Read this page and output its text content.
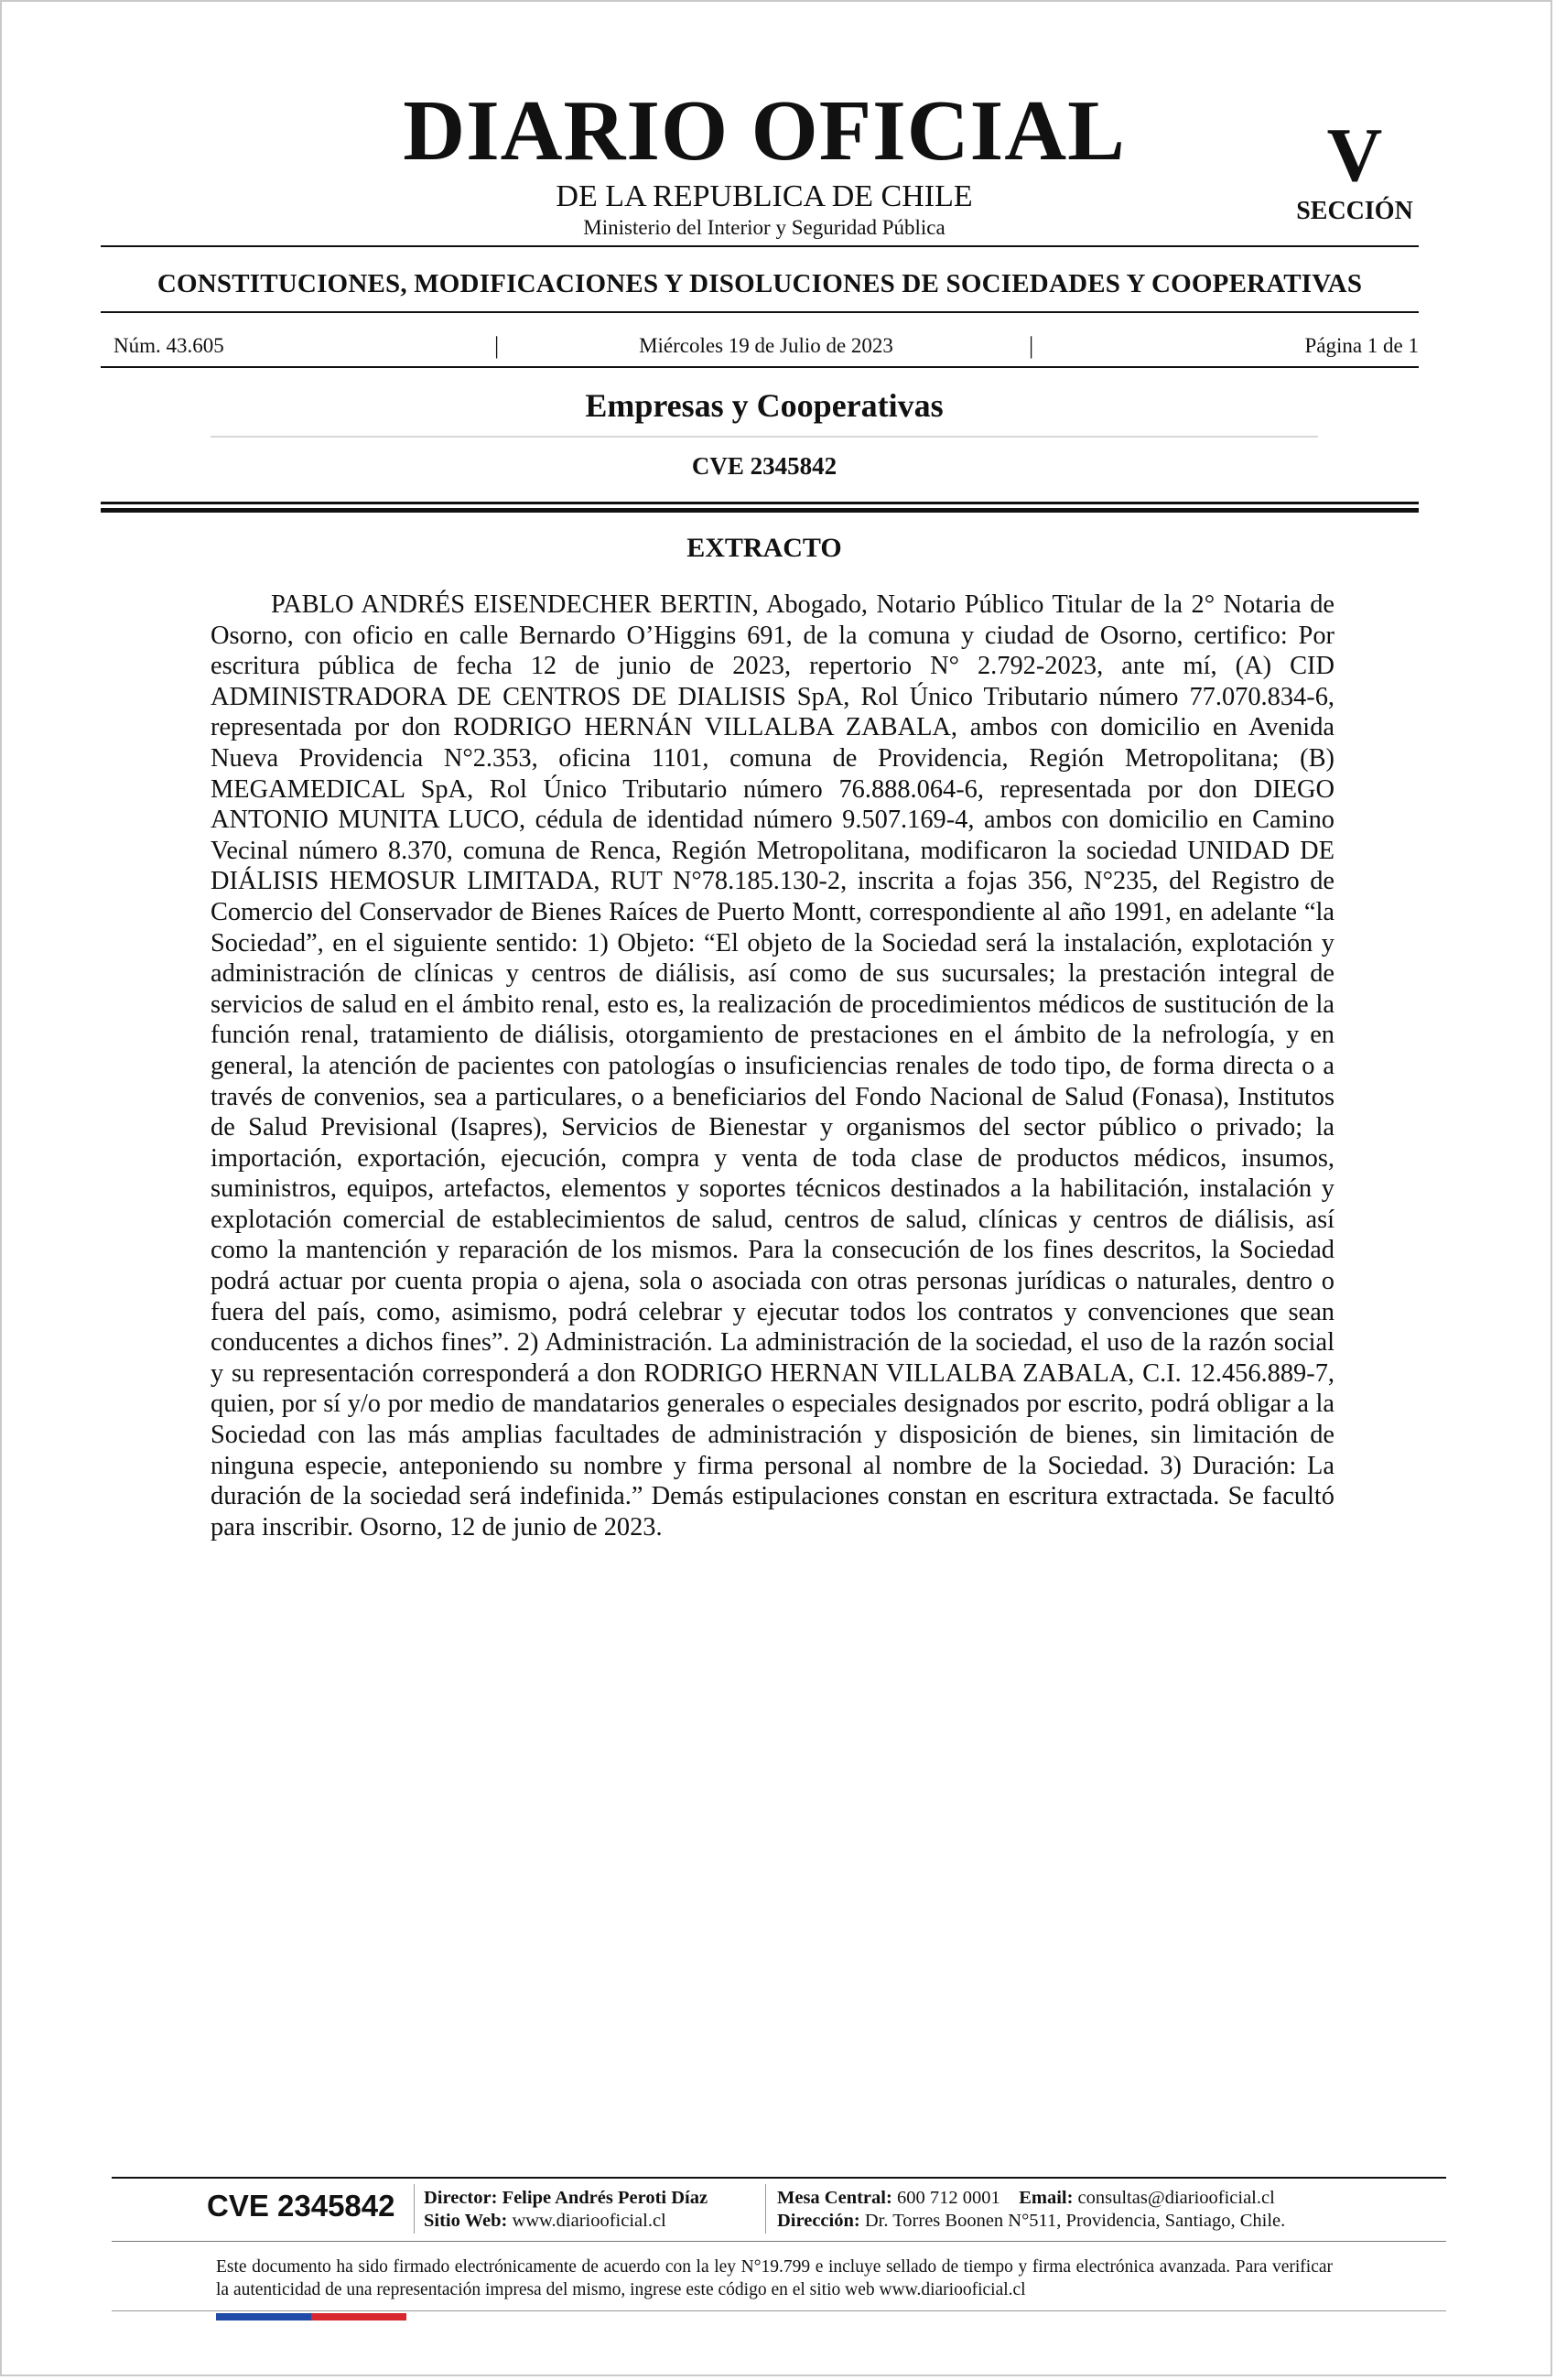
DIARIO OFICIAL
DE LA REPUBLICA DE CHILE
Ministerio del Interior y Seguridad Pública
V
SECCIÓN
CONSTITUCIONES, MODIFICACIONES Y DISOLUCIONES DE SOCIEDADES Y COOPERATIVAS
Núm. 43.605	|	Miércoles 19 de Julio de 2023	|	Página 1 de 1
Empresas y Cooperativas
CVE 2345842
EXTRACTO

PABLO ANDRÉS EISENDECHER BERTIN, Abogado, Notario Público Titular de la 2° Notaria de Osorno, con oficio en calle Bernardo O’Higgins 691, de la comuna y ciudad de Osorno, certifico: Por escritura pública de fecha 12 de junio de 2023, repertorio N° 2.792-2023, ante mí, (A) CID ADMINISTRADORA DE CENTROS DE DIALISIS SpA, Rol Único Tributario número 77.070.834-6, representada por don RODRIGO HERNÁN VILLALBA ZABALA, ambos con domicilio en Avenida Nueva Providencia N°2.353, oficina 1101, comuna de Providencia, Región Metropolitana; (B) MEGAMEDICAL SpA, Rol Único Tributario número 76.888.064-6, representada por don DIEGO ANTONIO MUNITA LUCO, cédula de identidad número 9.507.169-4, ambos con domicilio en Camino Vecinal número 8.370, comuna de Renca, Región Metropolitana, modificaron la sociedad UNIDAD DE DIÁLISIS HEMOSUR LIMITADA, RUT N°78.185.130-2, inscrita a fojas 356, N°235, del Registro de Comercio del Conservador de Bienes Raíces de Puerto Montt, correspondiente al año 1991, en adelante “la Sociedad”, en el siguiente sentido: 1) Objeto: “El objeto de la Sociedad será la instalación, explotación y administración de clínicas y centros de diálisis, así como de sus sucursales; la prestación integral de servicios de salud en el ámbito renal, esto es, la realización de procedimientos médicos de sustitución de la función renal, tratamiento de diálisis, otorgamiento de prestaciones en el ámbito de la nefrología, y en general, la atención de pacientes con patologías o insuficiencias renales de todo tipo, de forma directa o a través de convenios, sea a particulares, o a beneficiarios del Fondo Nacional de Salud (Fonasa), Institutos de Salud Previsional (Isapres), Servicios de Bienestar y organismos del sector público o privado; la importación, exportación, ejecución, compra y venta de toda clase de productos médicos, insumos, suministros, equipos, artefactos, elementos y soportes técnicos destinados a la habilitación, instalación y explotación comercial de establecimientos de salud, centros de salud, clínicas y centros de diálisis, así como la mantención y reparación de los mismos. Para la consecución de los fines descritos, la Sociedad podrá actuar por cuenta propia o ajena, sola o asociada con otras personas jurídicas o naturales, dentro o fuera del país, como, asimismo, podrá celebrar y ejecutar todos los contratos y convenciones que sean conducentes a dichos fines”. 2) Administración. La administración de la sociedad, el uso de la razón social y su representación corresponderá a don RODRIGO HERNAN VILLALBA ZABALA, C.I. 12.456.889-7, quien, por sí y/o por medio de mandatarios generales o especiales designados por escrito, podrá obligar a la Sociedad con las más amplias facultades de administración y disposición de bienes, sin limitación de ninguna especie, anteponiendo su nombre y firma personal al nombre de la Sociedad. 3) Duración: La duración de la sociedad será indefinida.” Demás estipulaciones constan en escritura extractada. Se facultó para inscribir. Osorno, 12 de junio de 2023.

CVE 2345842 Director: Felipe Andrés Peroti Díaz
Sitio Web: www.diariooficial.cl
Mesa Central: 600 712 0001 Email: consultas@diariooficial.cl
Dirección: Dr. Torres Boonen N°511, Providencia, Santiago, Chile.

Este documento ha sido firmado electrónicamente de acuerdo con la ley N°19.799 e incluye sellado de tiempo y firma electrónica avanzada. Para verificar la autenticidad de una representación impresa del mismo, ingrese este código en el sitio web www.diariooficial.cl
